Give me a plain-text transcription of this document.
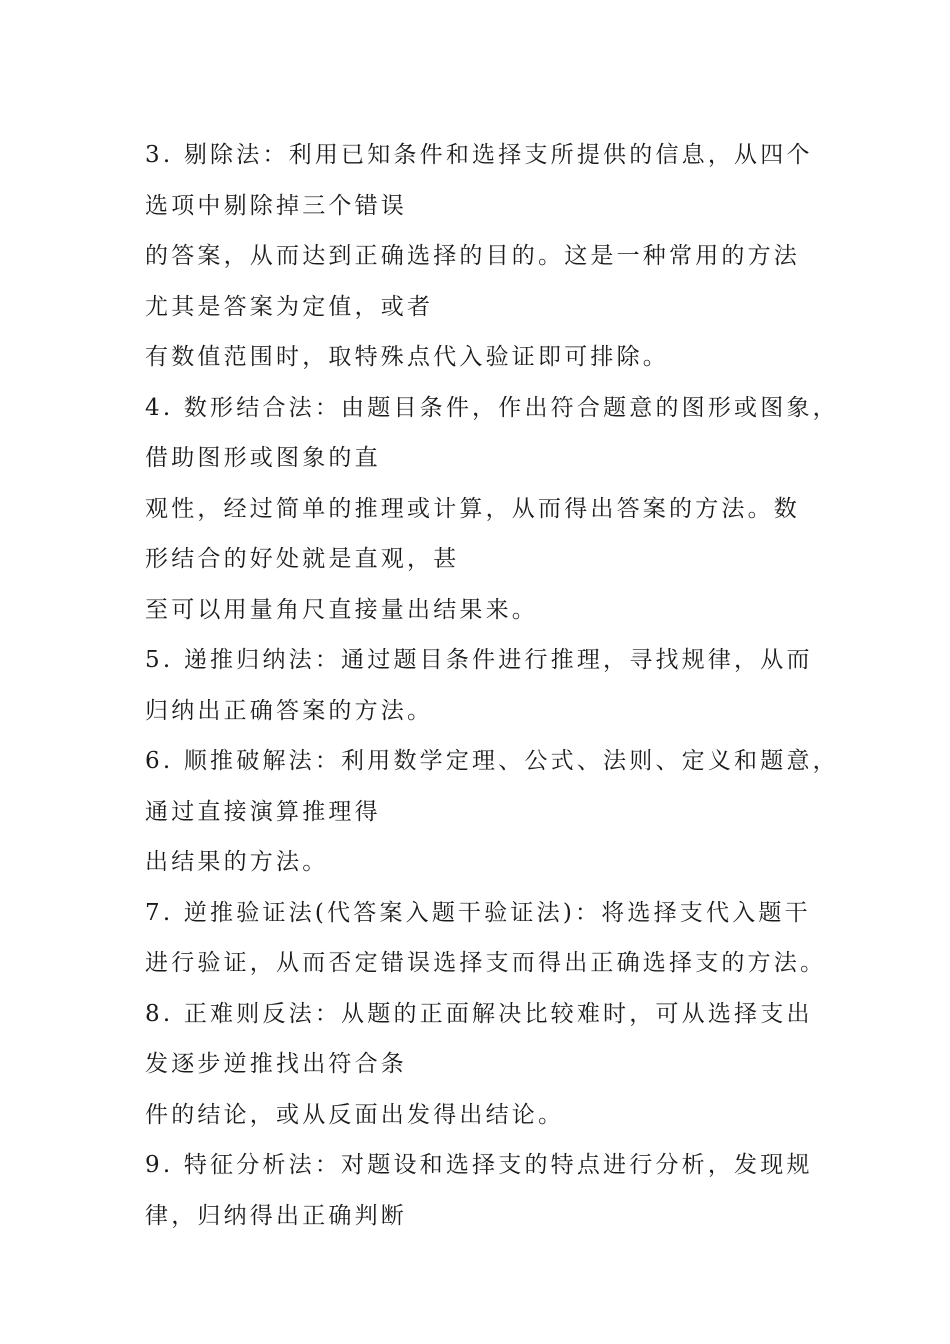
3. 剔除法：利用已知条件和选择支所提供的信息，从四个
选项中剔除掉三个错误
的答案，从而达到正确选择的目的。这是一种常用的方法
尤其是答案为定值，或者
有数值范围时，取特殊点代入验证即可排除。
4. 数形结合法：由题目条件，作出符合题意的图形或图象，
借助图形或图象的直
观性，经过简单的推理或计算，从而得出答案的方法。数
形结合的好处就是直观，甚
至可以用量角尺直接量出结果来。
5. 递推归纳法：通过题目条件进行推理，寻找规律，从而
归纳出正确答案的方法。
6. 顺推破解法：利用数学定理、公式、法则、定义和题意，
通过直接演算推理得
出结果的方法。
7. 逆推验证法(代答案入题干验证法)：将选择支代入题干
进行验证，从而否定错误选择支而得出正确选择支的方法。
8. 正难则反法：从题的正面解决比较难时，可从选择支出
发逐步逆推找出符合条
件的结论，或从反面出发得出结论。
9. 特征分析法：对题设和选择支的特点进行分析，发现规
律，归纳得出正确判断
